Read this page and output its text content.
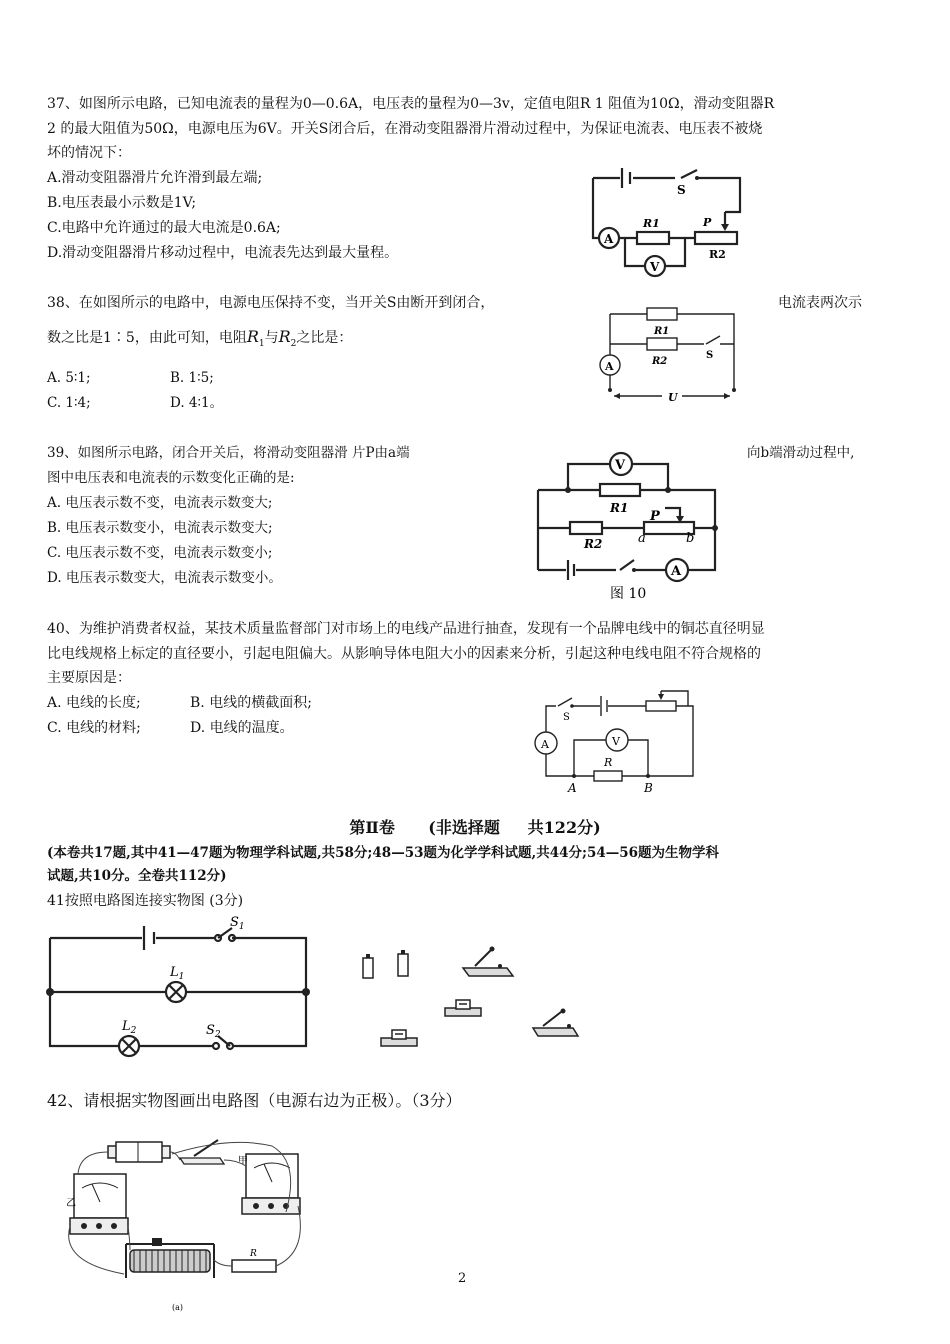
37、如图所示电路，已知电流表的量程为0—0.6A，电压表的量程为0—3v，定值电阻R 1 阻值为10Ω，滑动变阻器R
2 的最大阻值为50Ω，电源电压为6V。开关S闭合后，在滑动变阻器滑片滑动过程中，为保证电流表、电压表不被烧
坏的情况下：
A.滑动变阻器滑片允许滑到最左端;
B.电压表最小示数是1V;
C.电路中允许通过的最大电流是0.6A;
D.滑动变阻器滑片移动过程中，电流表先达到最大量程。
S
A
R1	P
R2
V
38、在如图所示的电路中，电源电压保持不变，当开关S由断开到闭合，	电流表两次示
数之比是1∶5，由此可知，电阻$R_1$与$R_2$之比是：
A. 5∶1;	B. 1∶5;
C. 1∶4;	D. 4∶1。
R1
R2
S
A
U
39、如图所示电路，闭合开关后，将滑动变阻器滑 片P由a端	向b端滑动过程中,
图中电压表和电流表的示数变化正确的是:
A. 电压表示数不变，电流表示数变大;
B. 电压表示数变小，电流表示数变大;
C. 电压表示数不变，电流表示数变小;
D. 电压表示数变大，电流表示数变小。
V
R1
P
R2	a	b
A
图 10
40、为维护消费者权益，某技术质量监督部门对市场上的电线产品进行抽查，发现有一个品牌电线中的铜芯直径明显
比电线规格上标定的直径要小，引起电阻偏大。从影响导体电阻大小的因素来分析，引起这种电线电阻不符合规格的
主要原因是：
A. 电线的长度;	B. 电线的横截面积;
C. 电线的材料;	D. 电线的温度。
S
A
R
V
A	B
第Ⅱ卷      (非选择题     共122分)
(本卷共17题,其中41—47题为物理学科试题,共58分;48—53题为化学学科试题,共44分;54—56题为生物学科
试题,共10分。全卷共112分)
41按照电路图连接实物图 (3分)
$S_1$
$L_1$
$L_2$	$S_2$
42、请根据实物图画出电路图（电源右边为正极）。（3分）
乙
甲
R
(a)
2
